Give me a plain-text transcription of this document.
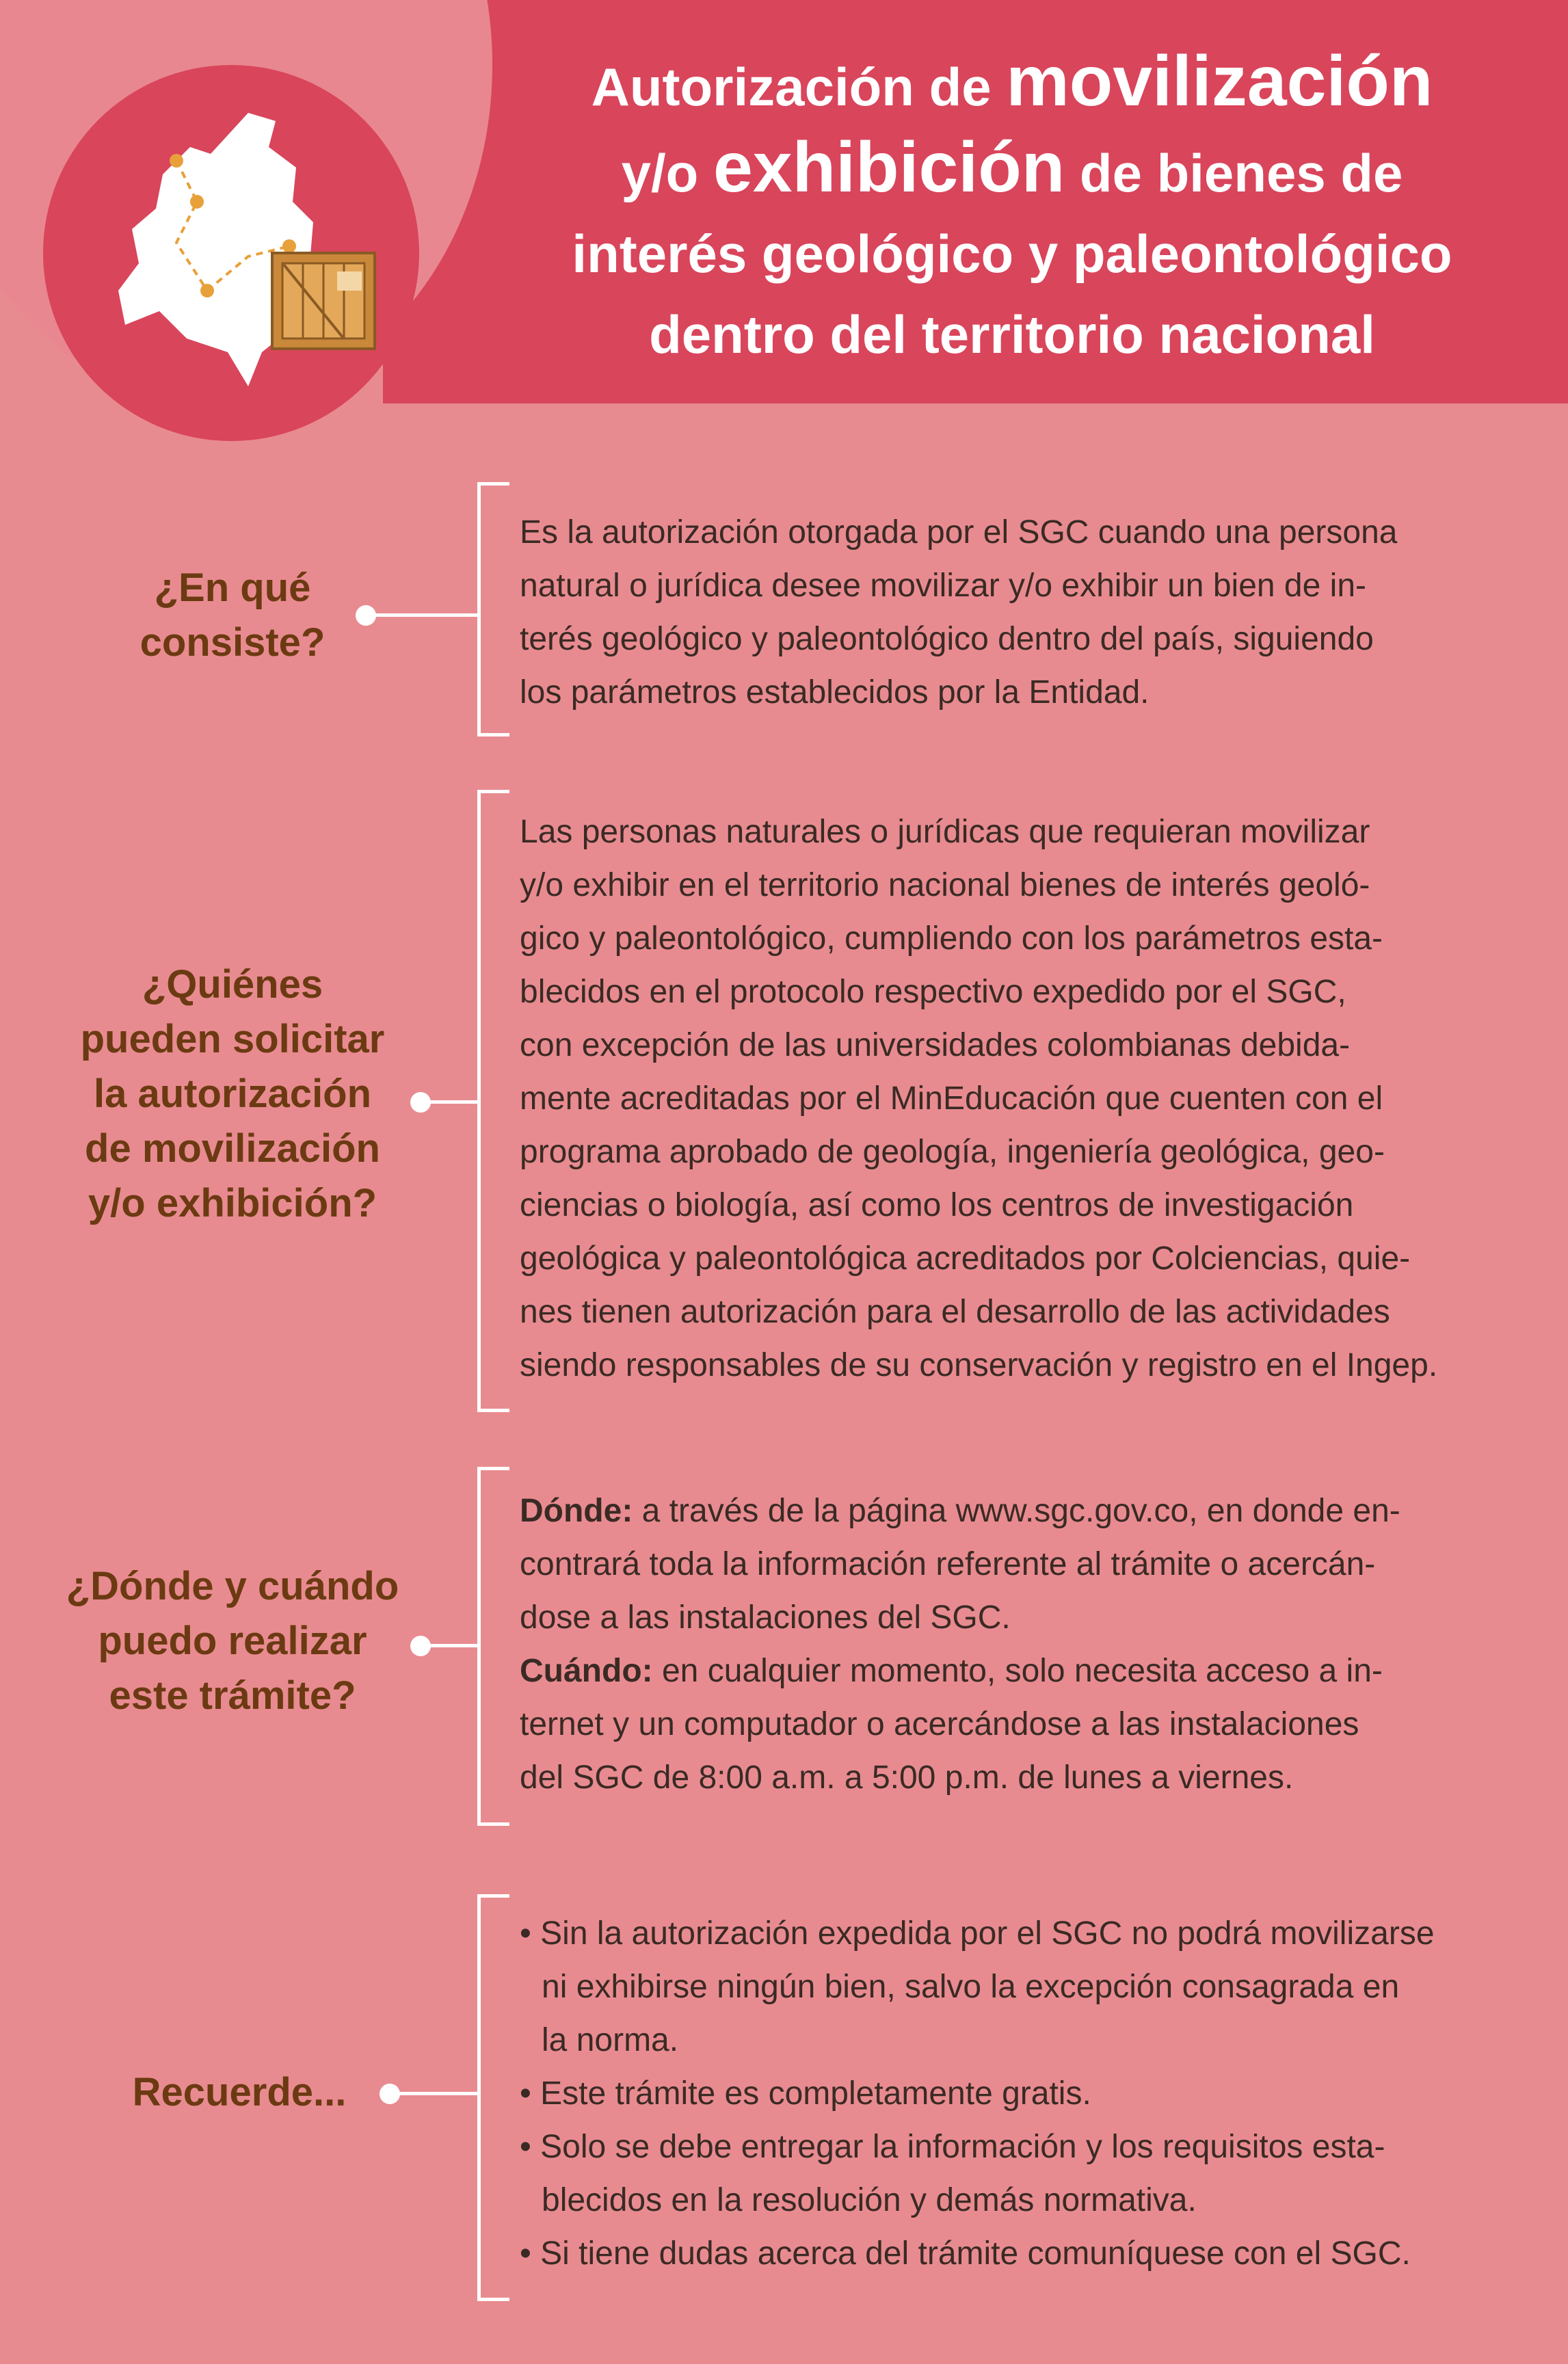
Autorización de movilización
y/o exhibición de bienes de
interés geológico y paleontológico
dentro del territorio nacional

¿En qué
consiste?

Es la autorización otorgada por el SGC cuando una persona
natural o jurídica desee movilizar y/o exhibir un bien de in-
terés geológico y paleontológico dentro del país, siguiendo
los parámetros establecidos por la Entidad.

¿Quiénes
pueden solicitar
la autorización
de movilización
y/o exhibición?

Las personas naturales o jurídicas que requieran movilizar
y/o exhibir en el territorio nacional bienes de interés geoló-
gico y paleontológico, cumpliendo con los parámetros esta-
blecidos en el protocolo respectivo expedido por el SGC,
con excepción de las universidades colombianas debida-
mente acreditadas por el MinEducación que cuenten con el
programa aprobado de geología, ingeniería geológica, geo-
ciencias o biología, así como los centros de investigación
geológica y paleontológica acreditados por Colciencias, quie-
nes tienen autorización para el desarrollo de las actividades
siendo responsables de su conservación y registro en el Ingep.

¿Dónde y cuándo
puedo realizar
este trámite?

Dónde: a través de la página www.sgc.gov.co, en donde en-
contrará toda la información referente al trámite o acercán-
dose a las instalaciones del SGC.
Cuándo: en cualquier momento, solo necesita acceso a in-
ternet y un computador o acercándose a las instalaciones
del SGC de 8:00 a.m. a 5:00 p.m. de lunes a viernes.

Recuerde...

• Sin la autorización expedida por el SGC no podrá movilizarse
ni exhibirse ningún bien, salvo la excepción consagrada en
la norma.
• Este trámite es completamente gratis.
• Solo se debe entregar la información y los requisitos esta-
blecidos en la resolución y demás normativa.
• Si tiene dudas acerca del trámite comuníquese con el SGC.
